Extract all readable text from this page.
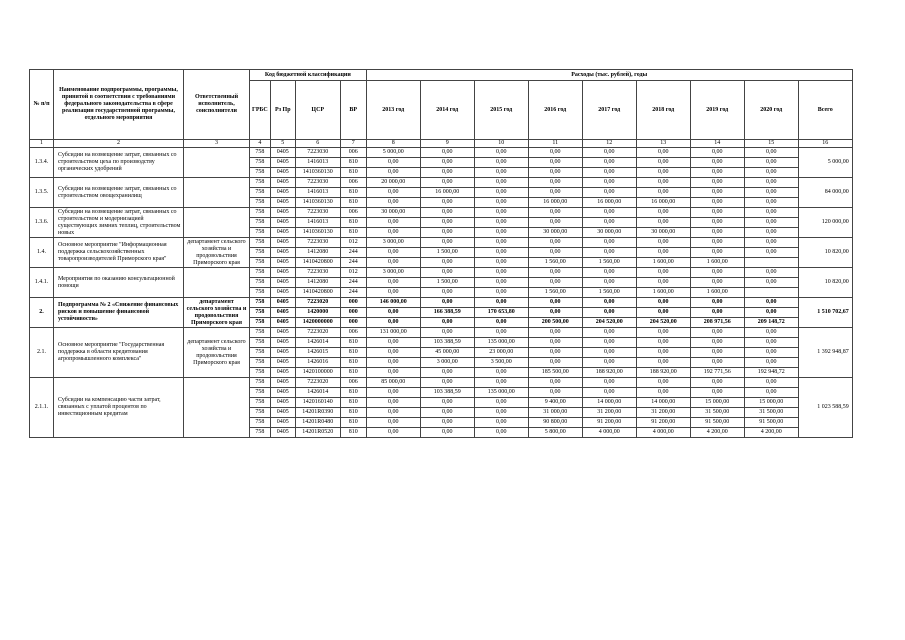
№ п/п	Наименование подпрограммы, программы, принятой в соответствии с требованиями федерального законодательства в сфере реализации государственной программы, отдельного мероприятия	Ответственный исполнитель, соисполнители	Код бюджетной классификации				Расходы (тыс. рублей), годы								
			ГРБС	Рз Пр	ЦСР	ВР	2013 год	2014 год	2015 год	2016 год	2017 год	2018 год	2019 год	2020 год	Всего
1	2	3	4	5	6	7	8	9	10	11	12	13	14	15	16
1.3.4.	Субсидии на возмещение затрат, связанных со строительством цеха по производству органических удобрений		758	0405	7223030	006	5 000,00	0,00	0,00	0,00	0,00	0,00	0,00	0,00	5 000,00
			758	0405	1416013	810	0,00	0,00	0,00	0,00	0,00	0,00	0,00	0,00	
			758	0405	1410360130	810	0,00	0,00	0,00	0,00	0,00	0,00	0,00	0,00	
1.3.5.	Субсидии на возмещение затрат, связанных со строительством овощехранилищ		758	0405	7223030	006	20 000,00	0,00	0,00	0,00	0,00	0,00	0,00	0,00	84 000,00
			758	0405	1416013	810	0,00	16 000,00	0,00	0,00	0,00	0,00	0,00	0,00	
			758	0405	1410360130	810	0,00	0,00	0,00	16 000,00	16 000,00	16 000,00	0,00	0,00	
1.3.6.	Субсидии на возмещение затрат, связанных со строительством и модернизацией существующих зимних теплиц, строительством новых		758	0405	7223030	006	30 000,00	0,00	0,00	0,00	0,00	0,00	0,00	0,00	120 000,00
			758	0405	1416013	810	0,00	0,00	0,00	0,00	0,00	0,00	0,00	0,00	
			758	0405	1410360130	810	0,00	0,00	0,00	30 000,00	30 000,00	30 000,00	0,00	0,00	
1.4.	Основное мероприятие "Информационная поддержка сельскохозяйственных товаропроизводителей Приморского края"	департамент сельского хозяйства и продовольствия Приморского края	758	0405	7223030	012	3 000,00	0,00	0,00	0,00	0,00	0,00	0,00	0,00	10 820,00
			758	0405	1412080	244	0,00	1 500,00	0,00	0,00	0,00	0,00	0,00	0,00	
			758	0405	1410420800	244	0,00	0,00	0,00	1 560,00	1 560,00	1 600,00	1 600,00		
1.4.1.	Мероприятия по оказанию консультационной помощи		758	0405	7223030	012	3 000,00	0,00	0,00	0,00	0,00	0,00	0,00	0,00	10 820,00
			758	0405	1412080	244	0,00	1 500,00	0,00	0,00	0,00	0,00	0,00	0,00	
			758	0405	1410420800	244	0,00	0,00	0,00	1 560,00	1 560,00	1 600,00	1 600,00		
2.	Подпрограмма № 2 «Снижение финансовых рисков и повышение финансовой устойчивости»	департамент сельского хозяйства и продовольствия Приморского края	758	0405	7223020	000	146 000,00	0,00	0,00	0,00	0,00	0,00	0,00	0,00	1 510 702,67
			758	0405	1420000	000	0,00	166 388,59	170 653,80	0,00	0,00	0,00	0,00	0,00	
			758	0405	1420000000	000	0,00	0,00	0,00	200 500,00	204 520,00	204 520,00	208 971,56	209 148,72	
2.1.	Основное мероприятие "Государственная поддержка в области кредитования агропромышленного комплекса"	департамент сельского хозяйства и продовольствия Приморского края	758	0405	7223020	006	131 000,00	0,00	0,00	0,00	0,00	0,00	0,00	0,00	1 392 948,87
			758	0405	1426014	810	0,00	103 388,59	135 000,00	0,00	0,00	0,00	0,00	0,00	
			758	0405	1426015	810	0,00	45 000,00	23 000,00	0,00	0,00	0,00	0,00	0,00	
			758	0405	1426016	810	0,00	3 000,00	3 500,00	0,00	0,00	0,00	0,00	0,00	
			758	0405	1420100000	810	0,00	0,00	0,00	185 500,00	188 920,00	188 920,00	192 771,56	192 948,72	
2.1.1.	Субсидии на компенсацию части затрат, связанных с уплатой процентов по инвестиционным кредитам		758	0405	7223020	006	85 000,00	0,00	0,00	0,00	0,00	0,00	0,00	0,00	1 023 588,59
			758	0405	1426014	810	0,00	103 388,59	135 000,00	0,00	0,00	0,00	0,00	0,00	
			758	0405	1420160140	810	0,00	0,00	0,00	9 400,00	14 000,00	14 000,00	15 000,00	15 000,00	
			758	0405	14201R0390	810	0,00	0,00	0,00	31 000,00	31 200,00	31 200,00	31 500,00	31 500,00	
			758	0405	14201R0480	810	0,00	0,00	0,00	90 800,00	91 200,00	91 200,00	91 500,00	91 500,00	
			758	0405	14201R0520	810	0,00	0,00	0,00	5 800,00	4 000,00	4 000,00	4 200,00	4 200,00	
